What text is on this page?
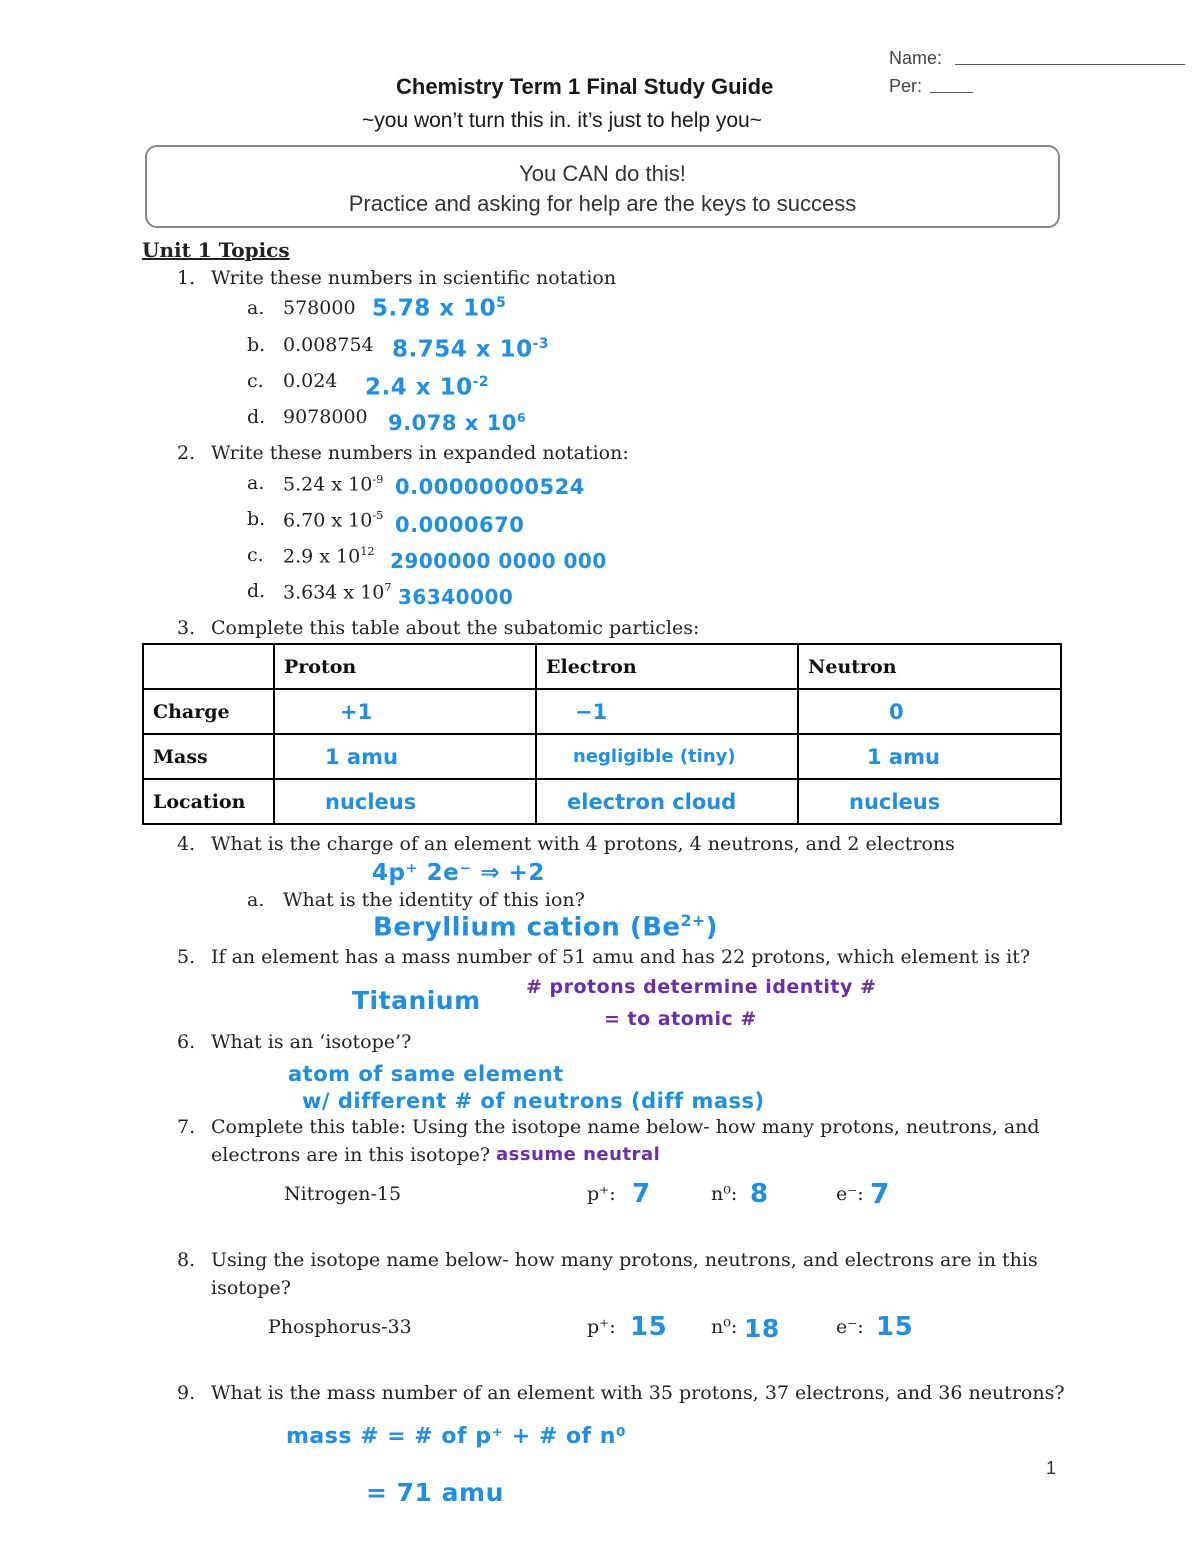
Name:
Per:
Chemistry Term 1 Final Study Guide
~you won’t turn this in. it’s just to help you~
You CAN do this!
Practice and asking for help are the keys to success
Unit 1 Topics
1. Write these numbers in scientific notation
a. 578000 5.78 x $10^5$
b. 0.008754 8.754 x $10^{-3}$
c. 0.024 2.4 x $10^{-2}$
d. 9078000 9.078 x $10^6$
2. Write these numbers in expanded notation:
a. 5.24 x $10^{-9}$ 0.00000000524
b. 6.70 x $10^{-5}$ 0.0000670
c. 2.9 x $10^{12}$ 2900000 0000 000
d. 3.634 x $10^7$ 36340000
3. Complete this table about the subatomic particles:
	Proton	Electron	Neutron
Charge	+1	−1	0
Mass	1 amu	negligible (tiny)	1 amu
Location	nucleus	electron cloud	nucleus
4. What is the charge of an element with 4 protons, 4 neutrons, and 2 electrons
4p⁺ 2e⁻ ⇒ +2
a. What is the identity of this ion?
Beryllium cation $(Be^{2+})$
5. If an element has a mass number of 51 amu and has 22 protons, which element is it?
Titanium # protons determine identity #
= to atomic #
6. What is an ‘isotope’?
atom of same element
w/ different # of neutrons (diff mass)
7. Complete this table: Using the isotope name below- how many protons, neutrons, and
electrons are in this isotope? assume neutral
Nitrogen-15	p⁺: 7	n⁰: 8	e⁻: 7
8. Using the isotope name below- how many protons, neutrons, and electrons are in this
isotope?
Phosphorus-33	p⁺: 15 n⁰: 18	e⁻: 15
9. What is the mass number of an element with 35 protons, 37 electrons, and 36 neutrons?
mass # = # of p⁺ + # of n⁰
= 71 amu
1
